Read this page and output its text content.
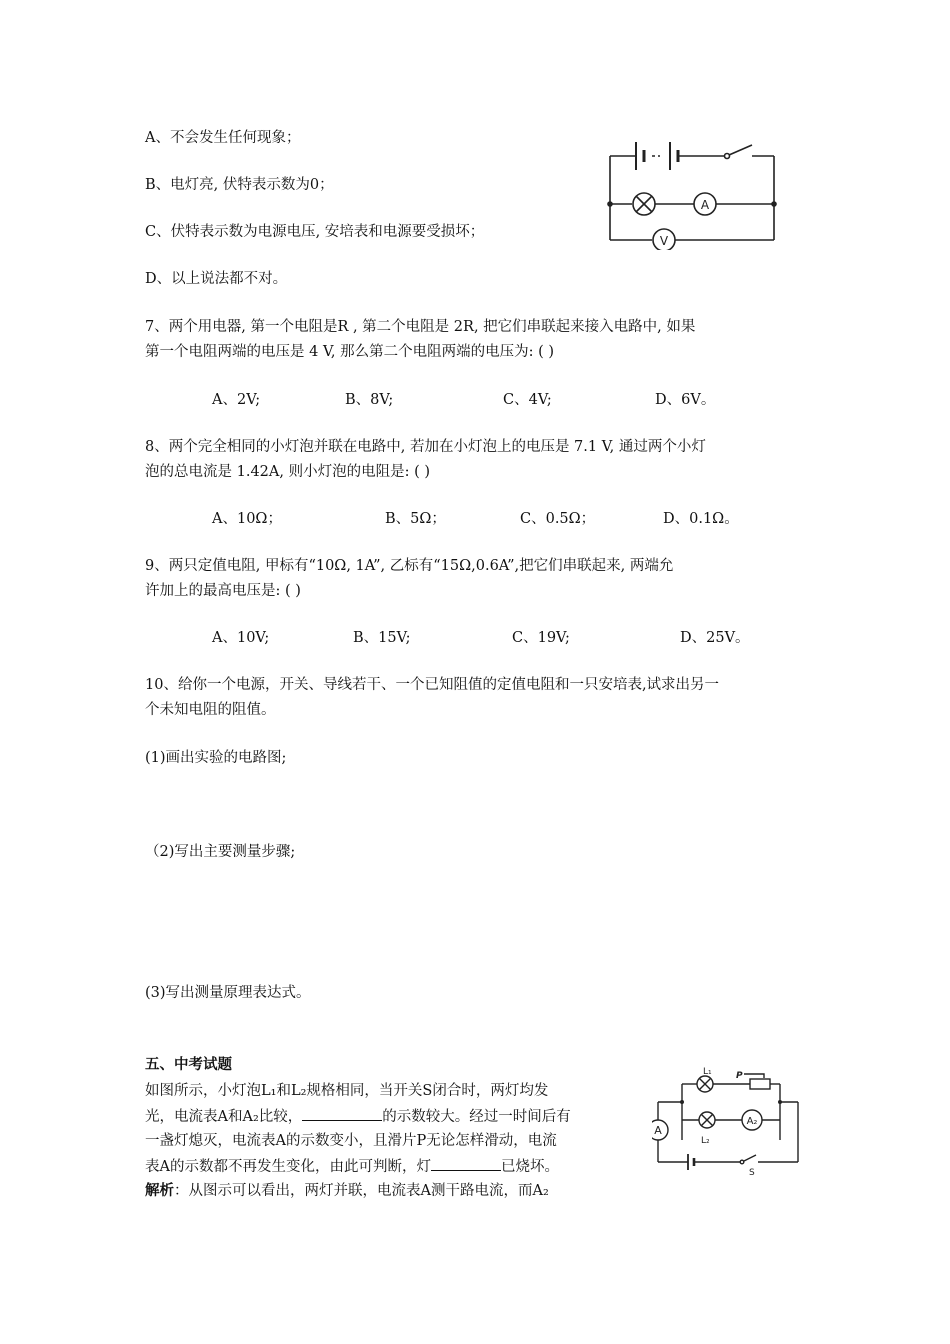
A、不会发生任何现象；
B、电灯亮, 伏特表示数为0；
C、伏特表示数为电源电压, 安培表和电源要受损坏；
D、以上说法都不对。
A
V
7、两个用电器, 第一个电阻是R , 第二个电阻是 2R, 把它们串联起来接入电路中, 如果
第一个电阻两端的电压是 4 V, 那么第二个电阻两端的电压为: ( )
A、2V;	B、8V;	C、4V;	D、6V。
8、两个完全相同的小灯泡并联在电路中, 若加在小灯泡上的电压是 7.1 V, 通过两个小灯
泡的总电流是 1.42A, 则小灯泡的电阻是: ( )
A、10Ω；	B、5Ω；	C、0.5Ω；	D、0.1Ω。
9、两只定值电阻, 甲标有“10Ω, 1A”, 乙标有“15Ω,0.6A”,把它们串联起来, 两端允
许加上的最高电压是: ( )
A、10V;	B、15V;	C、19V;	D、25V。
10、给你一个电源，开关、导线若干、一个已知阻值的定值电阻和一只安培表,试求出另一
个未知电阻的阻值。
(1)画出实验的电路图;
（2)写出主要测量步骤;
(3)写出测量原理表达式。
五、中考试题
如图所示，小灯泡L₁和L₂规格相同，当开关S闭合时，两灯均发
光，电流表A和A₂比较，	的示数较大。经过一时间后有
一盏灯熄灭，电流表A的示数变小，且滑片P无论怎样滑动，电流
表A的示数都不再发生变化，由此可判断，灯	已烧坏。
解析：从图示可以看出，两灯并联，电流表A测干路电流，而A₂
L₁	P
L₂
A₂
A
S
